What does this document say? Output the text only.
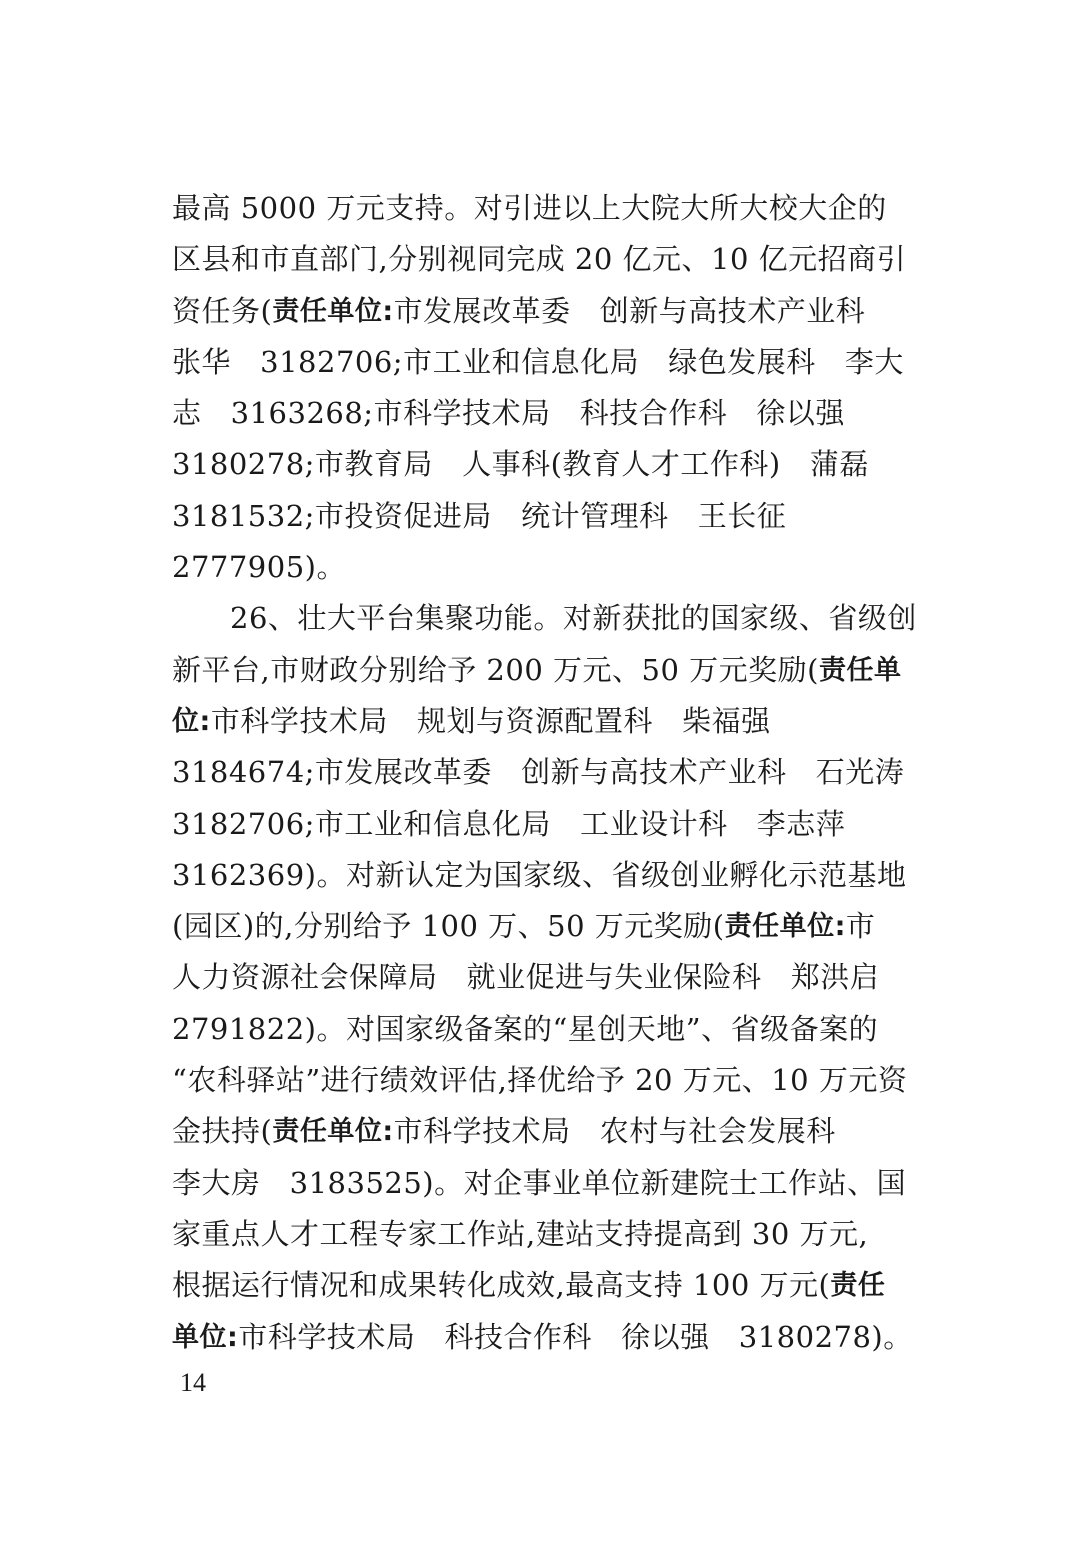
最高 5000 万元支持。对引进以上大院大所大校大企的
区县和市直部门,分别视同完成 20 亿元、10 亿元招商引
资任务( 责任单位: 市发展改革委   创新与高技术产业科
张华   3182706;市工业和信息化局   绿色发展科   李大
志   3163268;市科学技术局   科技合作科   徐以强
3180278;市教育局   人事科(教育人才工作科)   蒲磊
3181532;市投资促进局   统计管理科   王长征
2777905)。
26、壮大平台集聚功能。对新获批的国家级、省级创
新平台,市财政分别给予 200 万元、50 万元奖励( 责任单
位: 市科学技术局   规划与资源配置科   柴福强
3184674;市发展改革委   创新与高技术产业科   石光涛
3182706;市工业和信息化局   工业设计科   李志萍
3162369)。对新认定为国家级、省级创业孵化示范基地
(园区)的,分别给予 100 万、50 万元奖励( 责任单位: 市
人力资源社会保障局   就业促进与失业保险科   郑洪启
2791822)。对国家级备案的“星创天地”、省级备案的
“农科驿站”进行绩效评估,择优给予 20 万元、10 万元资
金扶持( 责任单位: 市科学技术局   农村与社会发展科
李大房   3183525)。对企事业单位新建院士工作站、国
家重点人才工程专家工作站,建站支持提高到 30 万元,
根据运行情况和成果转化成效,最高支持 100 万元( 责任
单位: 市科学技术局   科技合作科   徐以强   3180278)。
14
